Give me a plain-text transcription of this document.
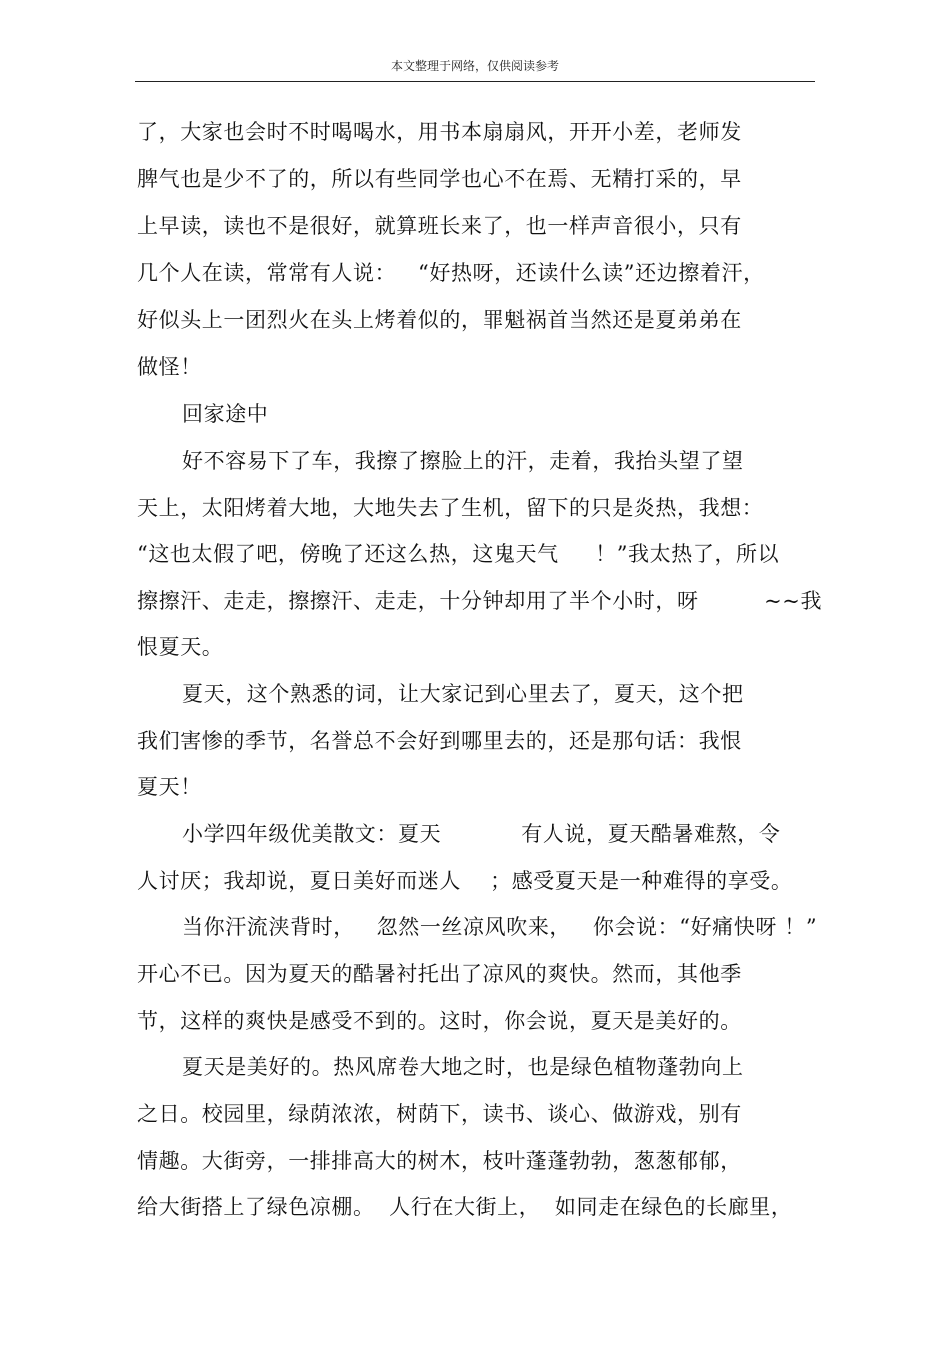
本文整理于网络，仅供阅读参考
了，大家也会时不时喝喝水，用书本扇扇风，开开小差，老师发
脾气也是少不了的，所以有些同学也心不在焉、无精打采的，早
上早读，读也不是很好，就算班长来了，也一样声音很小，只有
几个人在读，常常有人说：   “好热呀，还读什么读”还边擦着汗，
好似头上一团烈火在头上烤着似的，罪魁祸首当然还是夏弟弟在
做怪！
回家途中
好不容易下了车，我擦了擦脸上的汗，走着，我抬头望了望
天上，太阳烤着大地，大地失去了生机，留下的只是炎热，我想：
“这也太假了吧，傍晚了还这么热，这鬼天气     ！”我太热了，所以
擦擦汗、走走，擦擦汗、走走，十分钟却用了半个小时，呀         ~~我
恨夏天。
夏天，这个熟悉的词，让大家记到心里去了，夏天，这个把
我们害惨的季节，名誉总不会好到哪里去的，还是那句话：我恨
夏天！
小学四年级优美散文：夏天           有人说，夏天酷暑难熬，令
人讨厌；我却说，夏日美好而迷人    ；感受夏天是一种难得的享受。
当你汗流浃背时，   忽然一丝凉风吹来，   你会说：“好痛快呀 ！”
开心不已。因为夏天的酷暑衬托出了凉风的爽快。然而，其他季
节，这样的爽快是感受不到的。这时，你会说，夏天是美好的。
夏天是美好的。热风席卷大地之时，也是绿色植物蓬勃向上
之日。校园里，绿荫浓浓，树荫下，读书、谈心、做游戏，别有
情趣。大街旁，一排排高大的树木，枝叶蓬蓬勃勃，葱葱郁郁，
给大街搭上了绿色凉棚。  人行在大街上，  如同走在绿色的长廊里，
